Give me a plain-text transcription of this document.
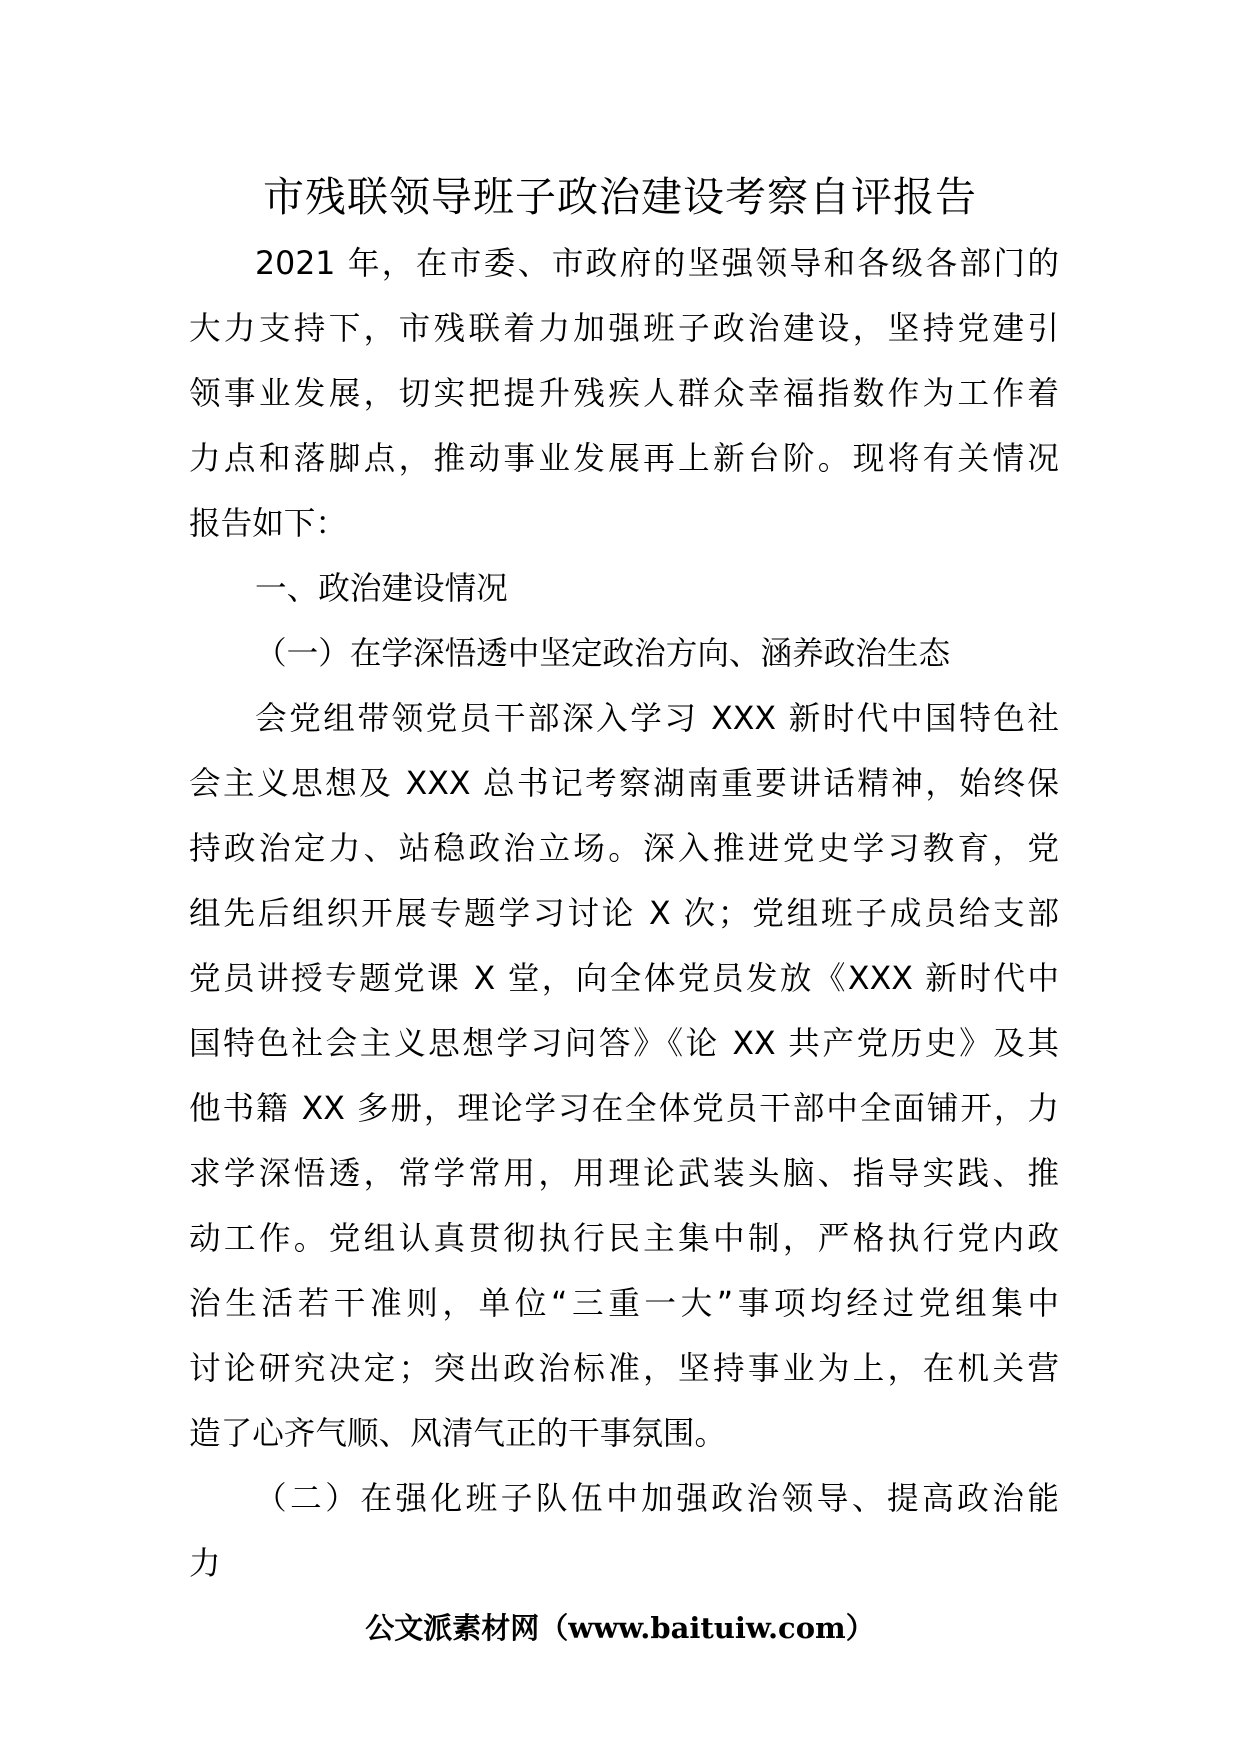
市残联领导班子政治建设考察自评报告
2021 年，在市委、市政府的坚强领导和各级各部门的
大力支持下，市残联着力加强班子政治建设，坚持党建引
领事业发展，切实把提升残疾人群众幸福指数作为工作着
力点和落脚点，推动事业发展再上新台阶。现将有关情况
报告如下：
一、政治建设情况
（一）在学深悟透中坚定政治方向、涵养政治生态
会党组带领党员干部深入学习 XXX 新时代中国特色社
会主义思想及 XXX 总书记考察湖南重要讲话精神，始终保
持政治定力、站稳政治立场。深入推进党史学习教育，党
组先后组织开展专题学习讨论 X 次；党组班子成员给支部
党员讲授专题党课 X 堂，向全体党员发放《XXX 新时代中
国特色社会主义思想学习问答》《论 XX 共产党历史》及其
他书籍 XX 多册，理论学习在全体党员干部中全面铺开，力
求学深悟透，常学常用，用理论武装头脑、指导实践、推
动工作。党组认真贯彻执行民主集中制，严格执行党内政
治生活若干准则，单位“三重一大”事项均经过党组集中
讨论研究决定；突出政治标准，坚持事业为上，在机关营
造了心齐气顺、风清气正的干事氛围。
（二）在强化班子队伍中加强政治领导、提高政治能
力
公文派素材网（www.baituiw.com）
